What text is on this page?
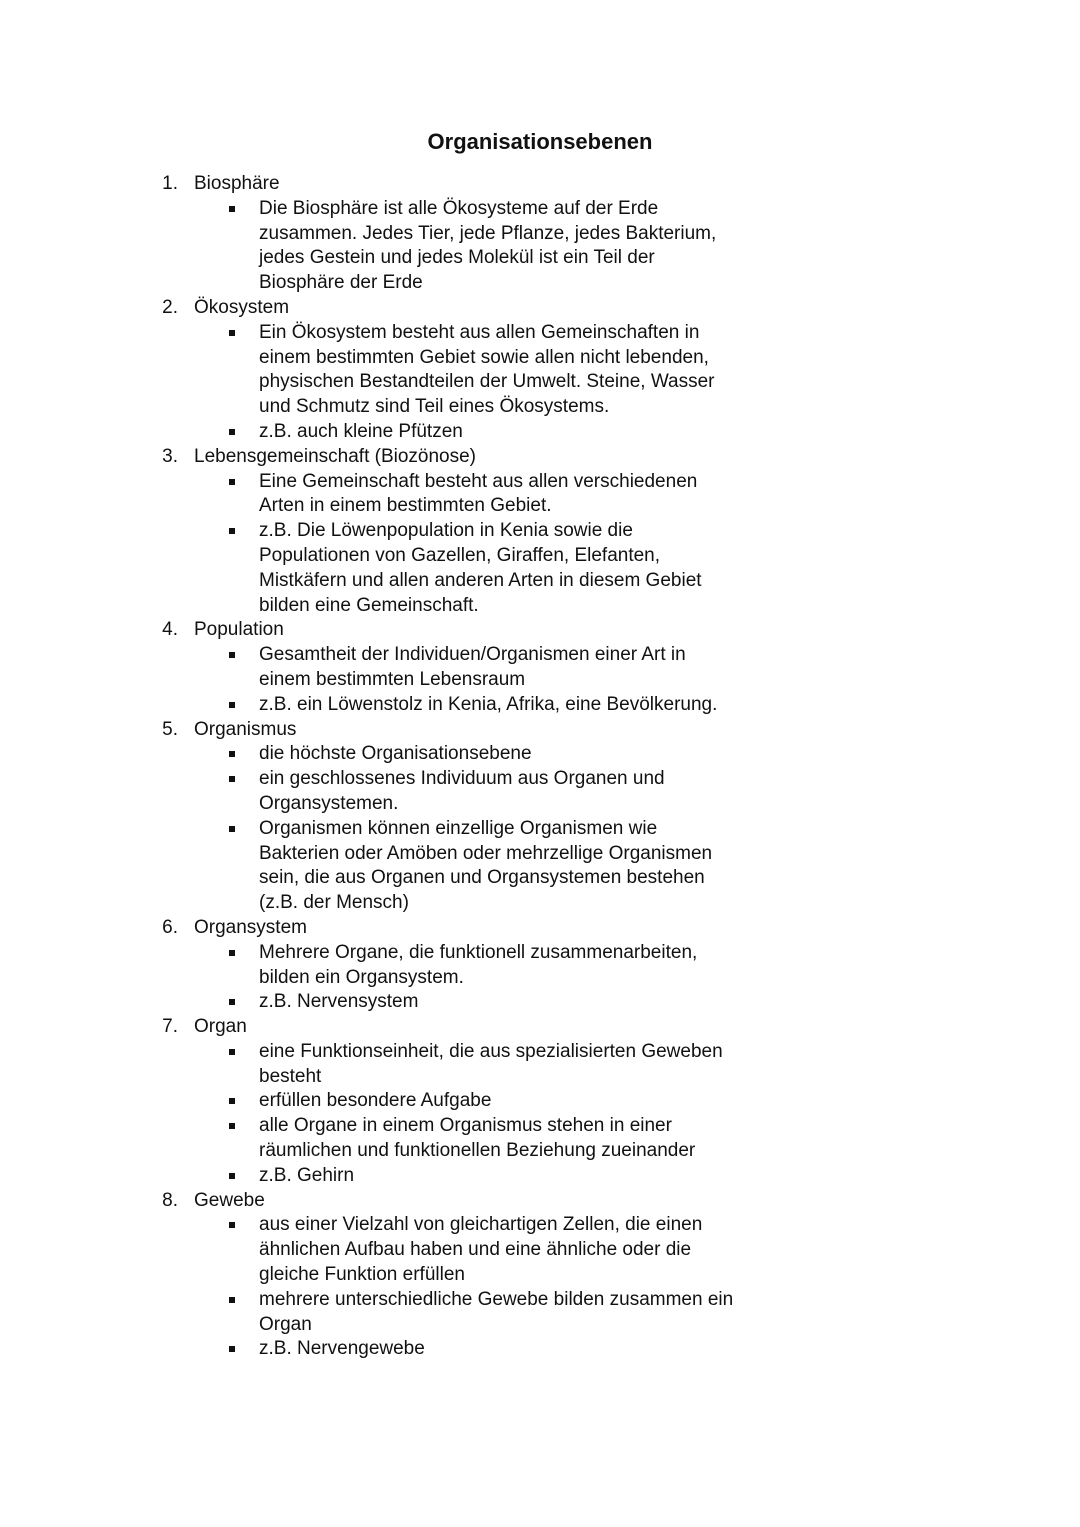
Organisationsebenen
1. Biosphäre
Die Biosphäre ist alle Ökosysteme auf der Erde zusammen. Jedes Tier, jede Pflanze, jedes Bakterium, jedes Gestein und jedes Molekül ist ein Teil der Biosphäre der Erde
2. Ökosystem
Ein Ökosystem besteht aus allen Gemeinschaften in einem bestimmten Gebiet sowie allen nicht lebenden, physischen Bestandteilen der Umwelt. Steine, Wasser und Schmutz sind Teil eines Ökosystems.
z.B. auch kleine Pfützen
3. Lebensgemeinschaft (Biozönose)
Eine Gemeinschaft besteht aus allen verschiedenen Arten in einem bestimmten Gebiet.
z.B. Die Löwenpopulation in Kenia sowie die Populationen von Gazellen, Giraffen, Elefanten, Mistkäfern und allen anderen Arten in diesem Gebiet bilden eine Gemeinschaft.
4. Population
Gesamtheit der Individuen/Organismen einer Art in einem bestimmten Lebensraum
z.B. ein Löwenstolz in Kenia, Afrika, eine Bevölkerung.
5. Organismus
die höchste Organisationsebene
ein geschlossenes Individuum aus Organen und Organsystemen.
Organismen können einzellige Organismen wie Bakterien oder Amöben oder mehrzellige Organismen sein, die aus Organen und Organsystemen bestehen (z.B. der Mensch)
6. Organsystem
Mehrere Organe, die funktionell zusammenarbeiten, bilden ein Organsystem.
z.B. Nervensystem
7. Organ
eine Funktionseinheit, die aus spezialisierten Geweben besteht
erfüllen besondere Aufgabe
alle Organe in einem Organismus stehen in einer räumlichen und funktionellen Beziehung zueinander
z.B. Gehirn
8. Gewebe
aus einer Vielzahl von gleichartigen Zellen, die einen ähnlichen Aufbau haben und eine ähnliche oder die gleiche Funktion erfüllen
mehrere unterschiedliche Gewebe bilden zusammen ein Organ
z.B. Nervengewebe
